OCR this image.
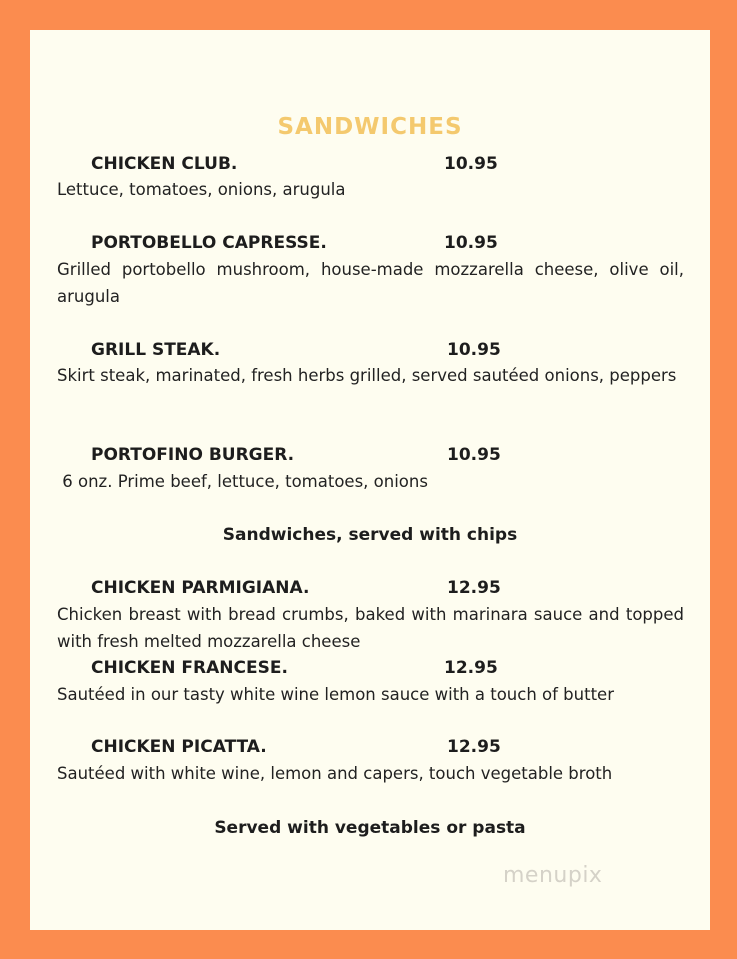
SANDWICHES
CHICKEN CLUB.	10.95

Lettuce, tomatoes, onions, arugula

PORTOBELLO CAPRESSE.	10.95

Grilled portobello mushroom, house-made mozzarella cheese, olive oil, arugula

GRILL STEAK.	10.95

Skirt steak, marinated, fresh herbs grilled, served sautéed onions, peppers

PORTOFINO BURGER.	10.95

6 onz. Prime beef, lettuce, tomatoes, onions

Sandwiches, served with chips
CHICKEN PARMIGIANA.	12.95

Chicken breast with bread crumbs, baked with marinara sauce and topped with fresh melted mozzarella cheese

CHICKEN FRANCESE.	12.95

Sautéed in our tasty white wine lemon sauce with a touch of butter

CHICKEN PICATTA.	12.95

Sautéed with white wine, lemon and capers, touch vegetable broth

Served with vegetables or pasta
menupix
